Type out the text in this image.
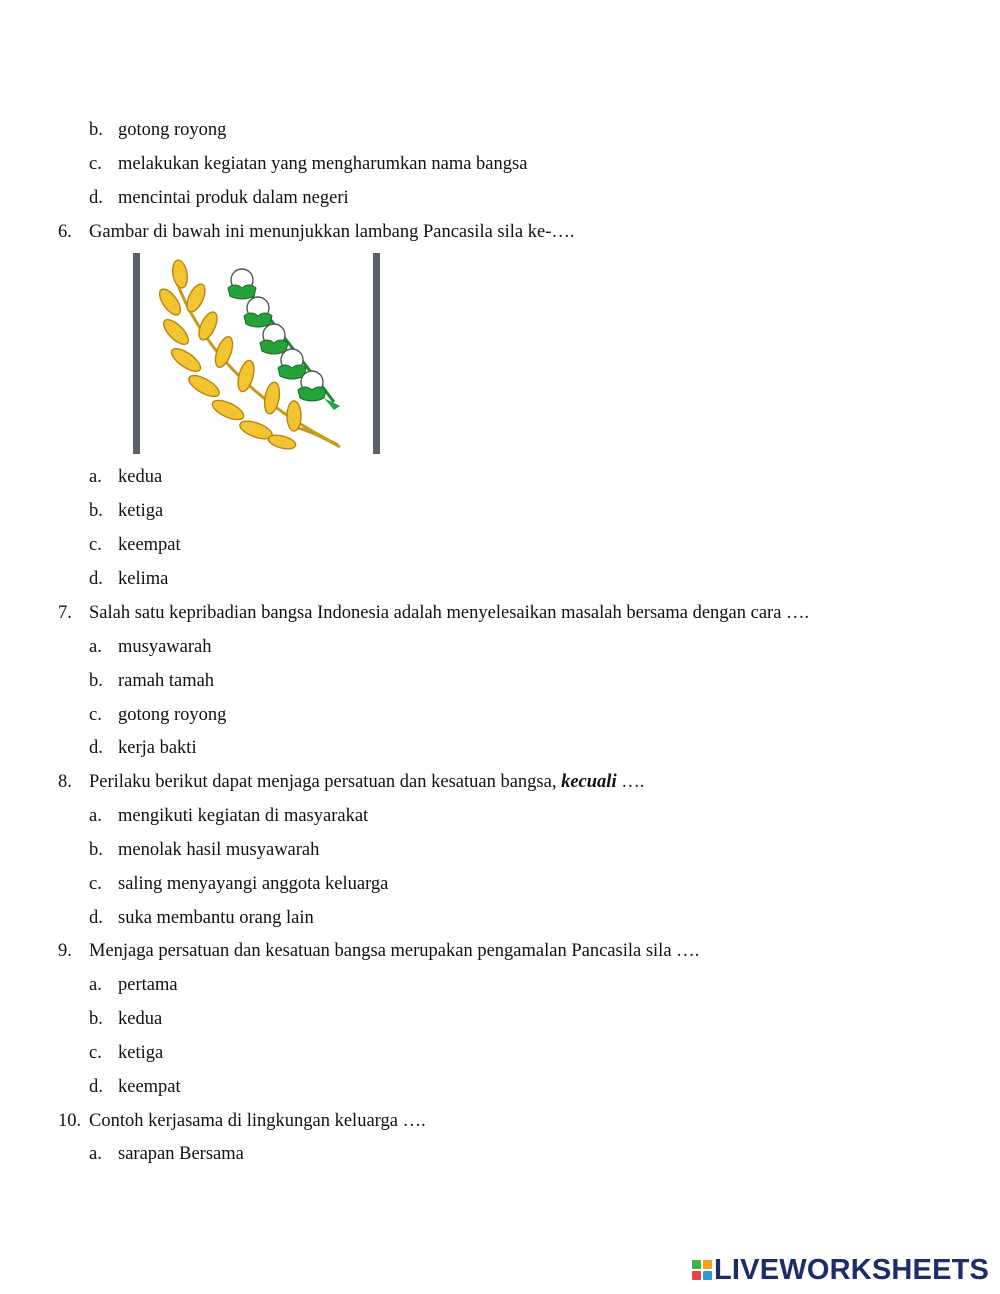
b. gotong royong
c. melakukan kegiatan yang mengharumkan nama bangsa
d. mencintai produk dalam negeri
6. Gambar di bawah ini menunjukkan lambang Pancasila sila ke-….
a. kedua
b. ketiga
c. keempat
d. kelima
7. Salah satu kepribadian bangsa Indonesia adalah menyelesaikan masalah bersama dengan cara ….
a. musyawarah
b. ramah tamah
c. gotong royong
d. kerja bakti
8. Perilaku berikut dapat menjaga persatuan dan kesatuan bangsa, kecuali ….
a. mengikuti kegiatan di masyarakat
b. menolak hasil musyawarah
c. saling menyayangi anggota keluarga
d. suka membantu orang lain
9. Menjaga persatuan dan kesatuan bangsa merupakan pengamalan Pancasila sila ….
a. pertama
b. kedua
c. ketiga
d. keempat
10. Contoh kerjasama di lingkungan keluarga ….
a. sarapan Bersama
LIVEWORKSHEETS
